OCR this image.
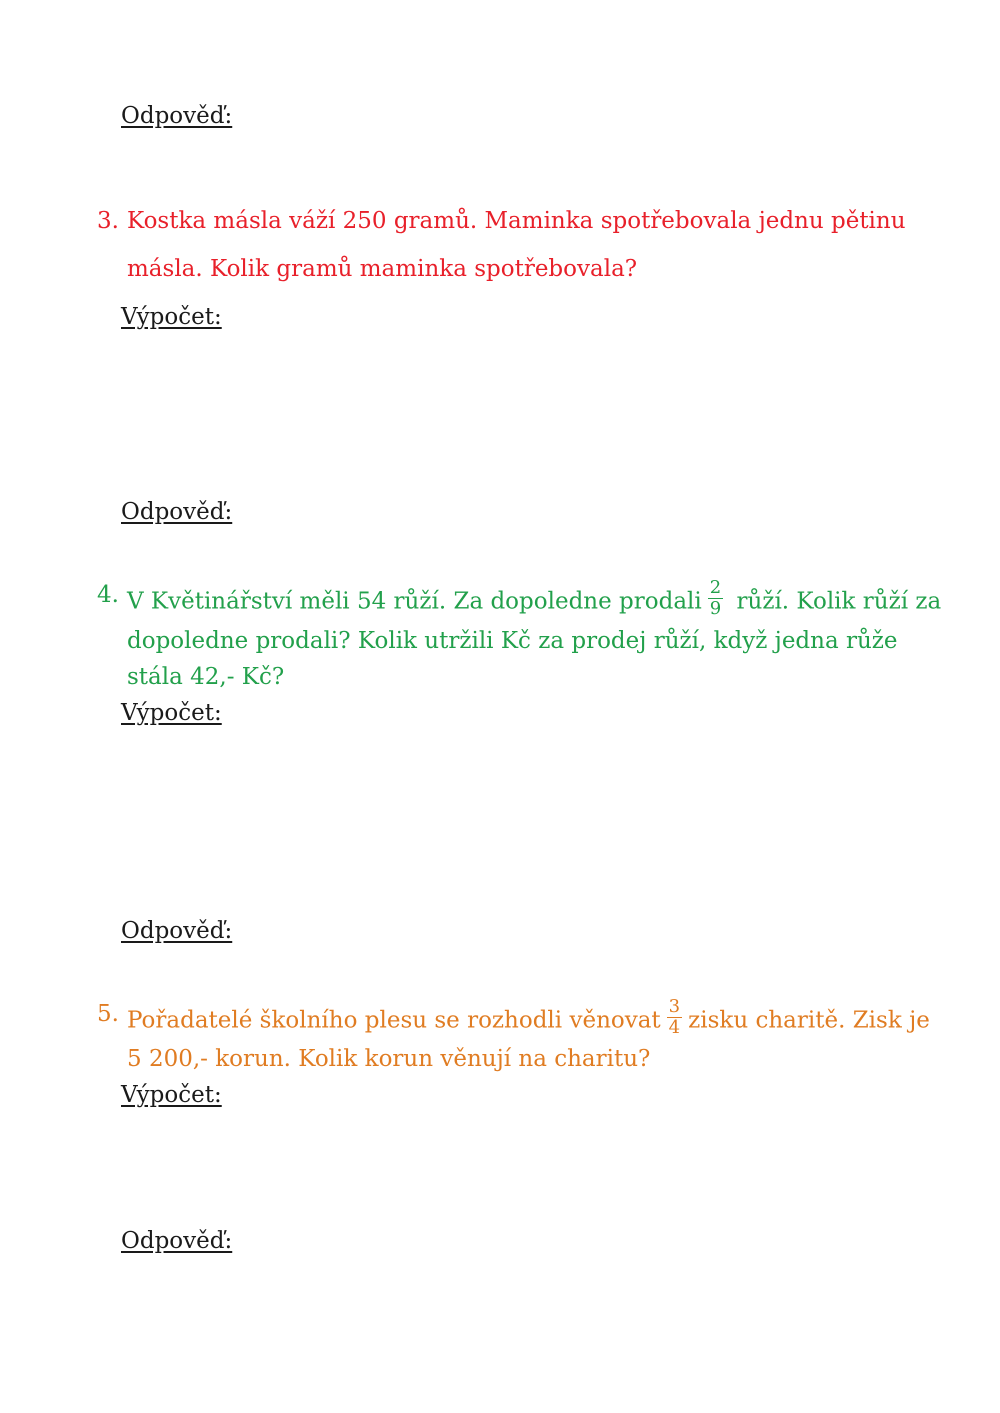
Odpověď:
3. Kostka másla váží 250 gramů. Maminka spotřebovala jednu pětinu
másla. Kolik gramů maminka spotřebovala?
Výpočet:
Odpověď:
4. V Květinářství měli 54 růží. Za dopoledne prodali $\frac{2}{9}$ růží. Kolik růží za
dopoledne prodali? Kolik utržili Kč za prodej růží, když jedna růže
stála 42,- Kč?
Výpočet:
Odpověď:
5. Pořadatelé školního plesu se rozhodli věnovat $\frac{3}{4}$ zisku charitě. Zisk je
5 200,- korun. Kolik korun věnují na charitu?
Výpočet:
Odpověď:
